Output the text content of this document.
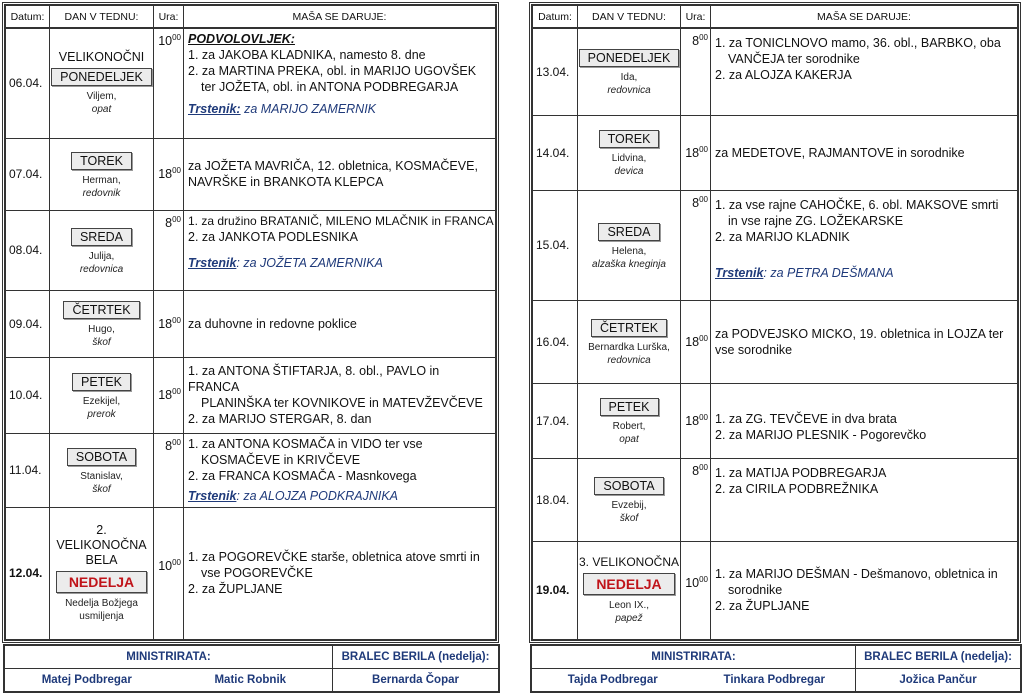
Datum:	DAN V TEDNU:	Ura:	MAŠA SE DARUJE:
06.04.	VELIKONOČNI
PONEDELJEK
Viljem,
opat	$10^{00}$	PODVOLOVLJEK:
1. za JAKOBA KLADNIKA, namesto 8. dne
2. za MARTINA PREKA, obl. in MARIJO UGOVŠEK
ter JOŽETA, obl. in ANTONA PODBREGARJA
Trstenik: za MARIJO ZAMERNIK

07.04.	TOREK
Herman,
redovnik	$18^{00}$	za JOŽETA MAVRIČA, 12. obletnica, KOSMAČEVE,
NAVRŠKE in BRANKOTA KLEPCA

08.04.	SREDA
Julija,
redovnica	$8^{00}$	1. za družino BRATANIČ, MILENO MLAČNIK in FRANCA
2. za JANKOTA PODLESNIKA
Trstenik: za JOŽETA ZAMERNIKA

09.04.	ČETRTEK
Hugo,
škof	$18^{00}$	za duhovne in redovne poklice

10.04.	PETEK
Ezekijel,
prerok	$18^{00}$	1. za ANTONA ŠTIFTARJA, 8. obl., PAVLO in FRANCA
PLANINŠKA ter KOVNIKOVE in MATEVŽEVČEVE
2. za MARIJO STERGAR, 8. dan

11.04.	SOBOTA
Stanislav,
škof	$8^{00}$	1. za ANTONA KOSMAČA in VIDO ter vse
KOSMAČEVE in KRIVČEVE
2. za FRANCA KOSMAČA - Masnkovega
Trstenik: za ALOJZA PODKRAJNIKA

12.04.	2. VELIKONOČNA
BELA
NEDELJA
Nedelja Božjega
usmiljenja	$10^{00}$	1. za POGOREVČKE starše, obletnica atove smrti in
vse POGOREVČKE
2. za ŽUPLJANE
MINISTRIRATA:		BRALEC BERILA (nedelja):
Matej Podbregar	Matic Robnik	Bernarda Čopar
Datum:	DAN V TEDNU:	Ura:	MAŠA SE DARUJE:
13.04.	PONEDELJEK
Ida,
redovnica	$8^{00}$	1. za TONICLNOVO mamo, 36. obl., BARBKO, oba
VANČEJA ter sorodnike
2. za ALOJZA KAKERJA

14.04.	TOREK
Lidvina,
devica	$18^{00}$	za MEDETOVE, RAJMANTOVE in sorodnike

15.04.	SREDA
Helena,
alzaška kneginja	$8^{00}$	1. za vse rajne CAHOČKE, 6. obl. MAKSOVE smrti
in vse rajne ZG. LOŽEKARSKE
2. za MARIJO KLADNIK
Trstenik: za PETRA DEŠMANA

16.04.	ČETRTEK
Bernardka Lurška,
redovnica	$18^{00}$	za PODVEJSKO MICKO, 19. obletnica in LOJZA ter
vse sorodnike

17.04.	PETEK
Robert,
opat	$18^{00}$	1. za ZG. TEVČEVE in dva brata
2. za MARIJO PLESNIK - Pogorevčko

18.04.	SOBOTA
Evzebij,
škof	$8^{00}$	1. za MATIJA PODBREGARJA
2. za CIRILA PODBREŽNIKA

19.04.	3. VELIKONOČNA
NEDELJA
Leon IX.,
papež	$10^{00}$	1. za MARIJO DEŠMAN - Dešmanovo, obletnica in
sorodnike
2. za ŽUPLJANE
MINISTRIRATA:		BRALEC BERILA (nedelja):
Tajda Podbregar	Tinkara Podbregar	Jožica Pančur
